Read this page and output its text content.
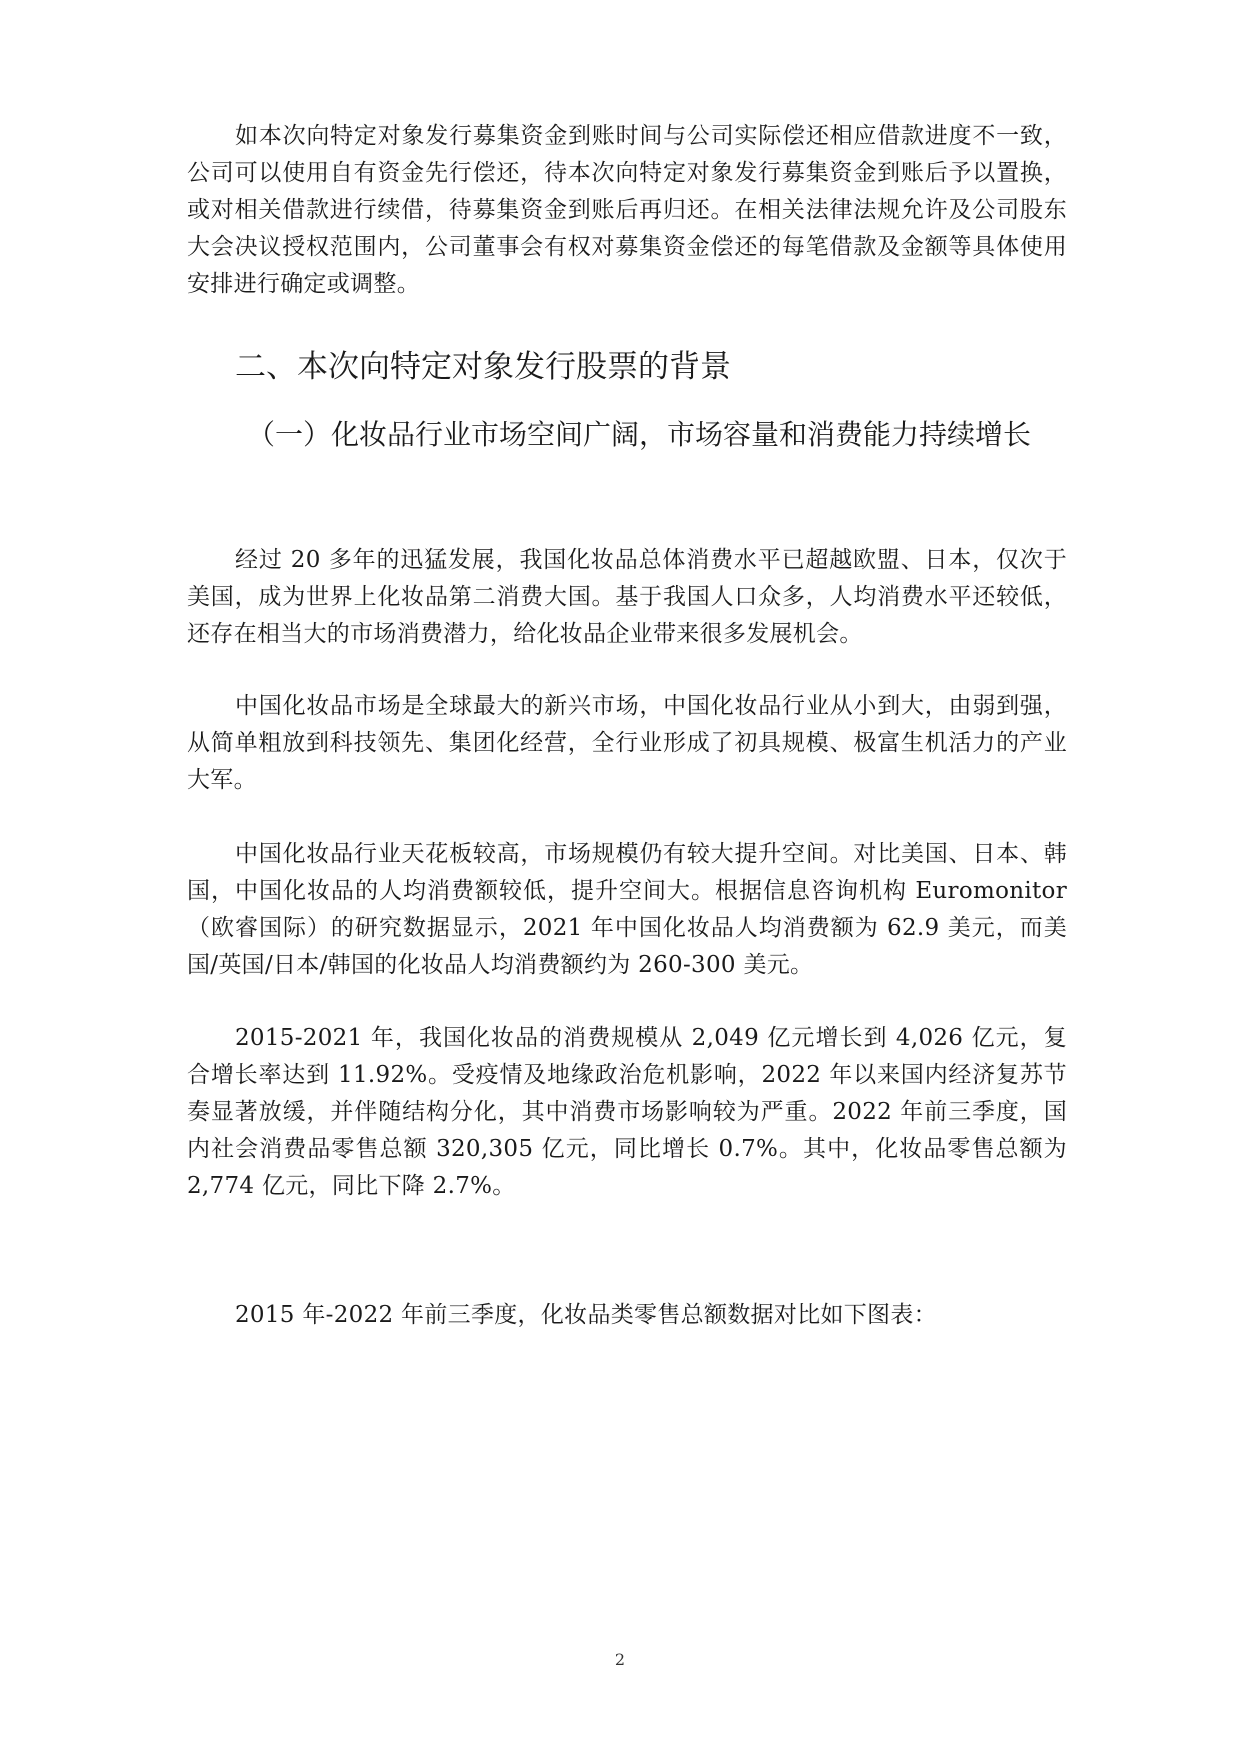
如本次向特定对象发行募集资金到账时间与公司实际偿还相应借款进度不一致，公司可以使用自有资金先行偿还，待本次向特定对象发行募集资金到账后予以置换，或对相关借款进行续借，待募集资金到账后再归还。在相关法律法规允许及公司股东大会决议授权范围内，公司董事会有权对募集资金偿还的每笔借款及金额等具体使用安排进行确定或调整。

二、本次向特定对象发行股票的背景
（一）化妆品行业市场空间广阔，市场容量和消费能力持续增长

经过 20 多年的迅猛发展，我国化妆品总体消费水平已超越欧盟、日本，仅次于美国，成为世界上化妆品第二消费大国。基于我国人口众多，人均消费水平还较低，还存在相当大的市场消费潜力，给化妆品企业带来很多发展机会。

中国化妆品市场是全球最大的新兴市场，中国化妆品行业从小到大，由弱到强，从简单粗放到科技领先、集团化经营，全行业形成了初具规模、极富生机活力的产业大军。

中国化妆品行业天花板较高，市场规模仍有较大提升空间。对比美国、日本、韩国，中国化妆品的人均消费额较低，提升空间大。根据信息咨询机构 Euromonitor（欧睿国际）的研究数据显示，2021 年中国化妆品人均消费额为 62.9 美元，而美国/英国/日本/韩国的化妆品人均消费额约为 260-300 美元。

2015-2021 年，我国化妆品的消费规模从 2,049 亿元增长到 4,026 亿元，复合增长率达到 11.92%。受疫情及地缘政治危机影响，2022 年以来国内经济复苏节奏显著放缓，并伴随结构分化，其中消费市场影响较为严重。2022 年前三季度，国内社会消费品零售总额 320,305 亿元，同比增长 0.7%。其中，化妆品零售总额为 2,774 亿元，同比下降 2.7%。

2015 年-2022 年前三季度，化妆品类零售总额数据对比如下图表：

2
